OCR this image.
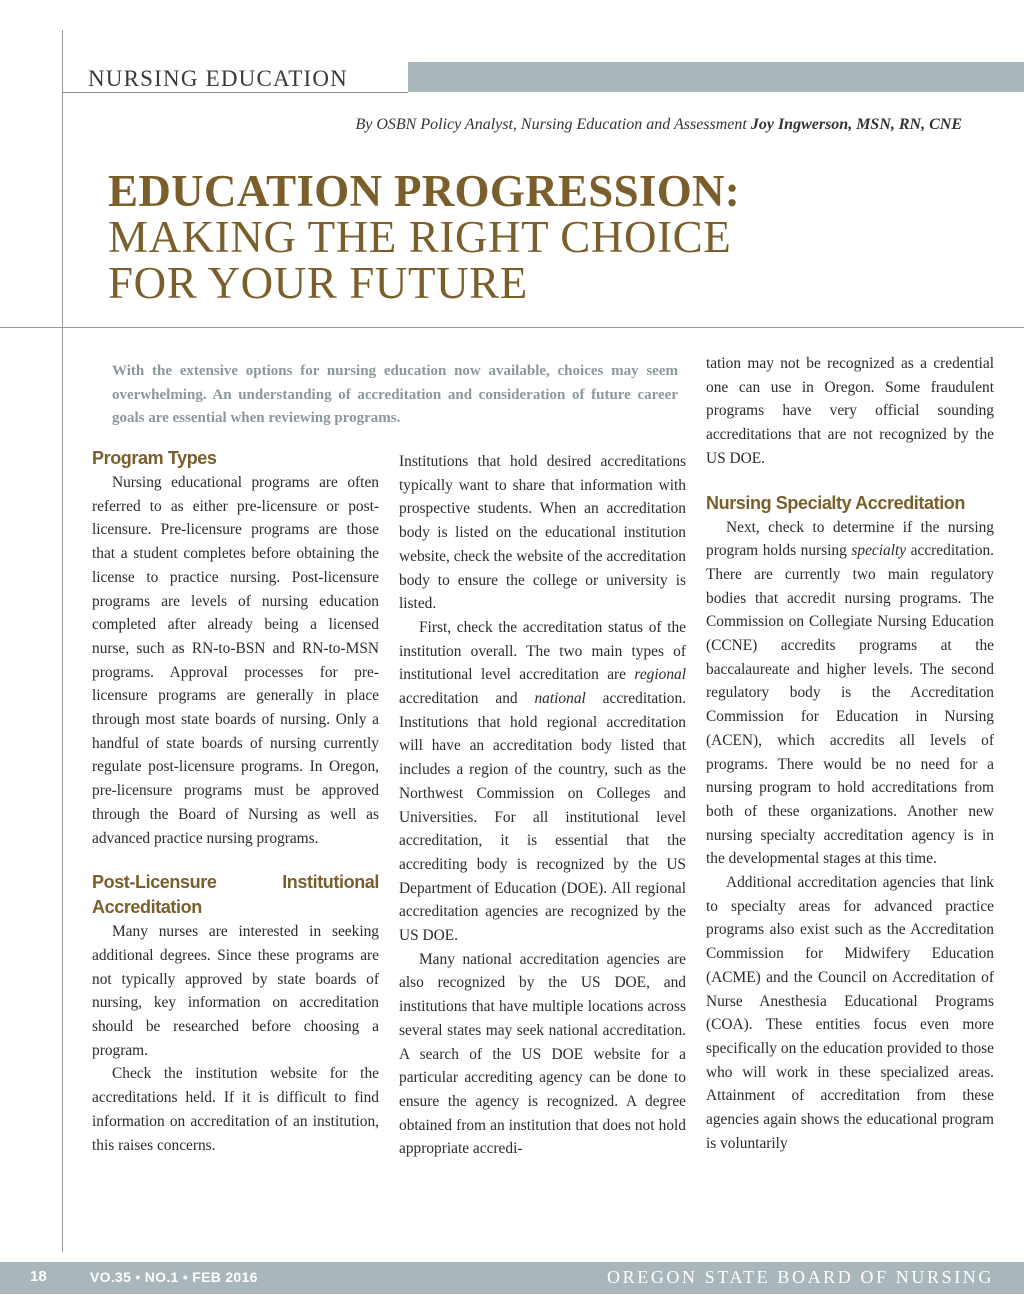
NURSING EDUCATION
By OSBN Policy Analyst, Nursing Education and Assessment Joy Ingwerson, MSN, RN, CNE
EDUCATION PROGRESSION:
MAKING THE RIGHT CHOICE
FOR YOUR FUTURE
With the extensive options for nursing education now available, choices may seem overwhelming. An understanding of accreditation and consideration of future career goals are essential when reviewing programs.
Program Types

Nursing educational programs are often referred to as either pre-licensure or post-licensure. Pre-licensure programs are those that a student completes before obtaining the license to practice nursing. Post-licensure programs are levels of nursing education completed after already being a licensed nurse, such as RN-to-BSN and RN-to-MSN programs. Approval processes for pre-licensure programs are generally in place through most state boards of nursing. Only a handful of state boards of nursing currently regulate post-licensure programs. In Oregon, pre-licensure programs must be approved through the Board of Nursing as well as advanced practice nursing programs.

Post-Licensure Institutional Accreditation

Many nurses are interested in seeking additional degrees. Since these programs are not typically approved by state boards of nursing, key information on accreditation should be researched before choosing a program.

Check the institution website for the accreditations held. If it is difficult to find information on accreditation of an institution, this raises concerns.

Institutions that hold desired accreditations typically want to share that information with prospective students. When an accreditation body is listed on the educational institution website, check the website of the accreditation body to ensure the college or university is listed.

First, check the accreditation status of the institution overall. The two main types of institutional level accreditation are regional accreditation and national accreditation. Institutions that hold regional accreditation will have an accreditation body listed that includes a region of the country, such as the Northwest Commission on Colleges and Universities. For all institutional level accreditation, it is essential that the accrediting body is recognized by the US Department of Education (DOE). All regional accreditation agencies are recognized by the US DOE.

Many national accreditation agencies are also recognized by the US DOE, and institutions that have multiple locations across several states may seek national accreditation. A search of the US DOE website for a particular accrediting agency can be done to ensure the agency is recognized. A degree obtained from an institution that does not hold appropriate accredi-

tation may not be recognized as a credential one can use in Oregon. Some fraudulent programs have very official sounding accreditations that are not recognized by the US DOE.

Nursing Specialty Accreditation

Next, check to determine if the nursing program holds nursing specialty accreditation. There are currently two main regulatory bodies that accredit nursing programs. The Commission on Collegiate Nursing Education (CCNE) accredits programs at the baccalaureate and higher levels. The second regulatory body is the Accreditation Commission for Education in Nursing (ACEN), which accredits all levels of programs. There would be no need for a nursing program to hold accreditations from both of these organizations. Another new nursing specialty accreditation agency is in the developmental stages at this time.

Additional accreditation agencies that link to specialty areas for advanced practice programs also exist such as the Accreditation Commission for Midwifery Education (ACME) and the Council on Accreditation of Nurse Anesthesia Educational Programs (COA). These entities focus even more specifically on the education provided to those who will work in these specialized areas. Attainment of accreditation from these agencies again shows the educational program is voluntarily

18	VO.35 • NO.1 • FEB 2016	OREGON STATE BOARD OF NURSING
